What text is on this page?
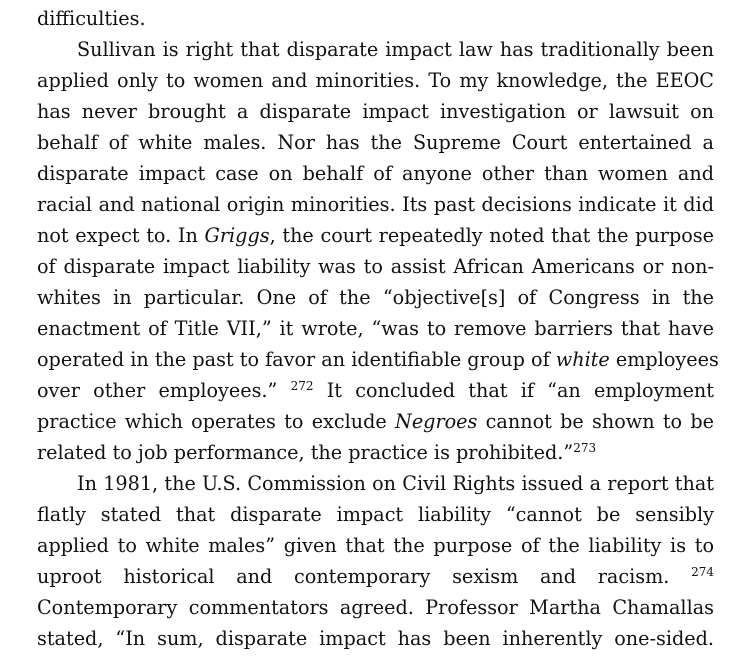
difficulties.
Sullivan is right that disparate impact law has traditionally been
applied only to women and minorities. To my knowledge, the EEOC
has never brought a disparate impact investigation or lawsuit on
behalf of white males. Nor has the Supreme Court entertained a
disparate impact case on behalf of anyone other than women and
racial and national origin minorities. Its past decisions indicate it did
not expect to. In Griggs, the court repeatedly noted that the purpose
of disparate impact liability was to assist African Americans or non-
whites in particular. One of the “objective[s] of Congress in the
enactment of Title VII,” it wrote, “was to remove barriers that have
operated in the past to favor an identifiable group of white employees
over other employees.” $^{272}$ It concluded that if “an employment
practice which operates to exclude Negroes cannot be shown to be
related to job performance, the practice is prohibited.”$^{273}$
In 1981, the U.S. Commission on Civil Rights issued a report that
flatly stated that disparate impact liability “cannot be sensibly
applied to white males” given that the purpose of the liability is to
uproot historical and contemporary sexism and racism. $^{274}$
Contemporary commentators agreed. Professor Martha Chamallas
stated, “In sum, disparate impact has been inherently one-sided.
